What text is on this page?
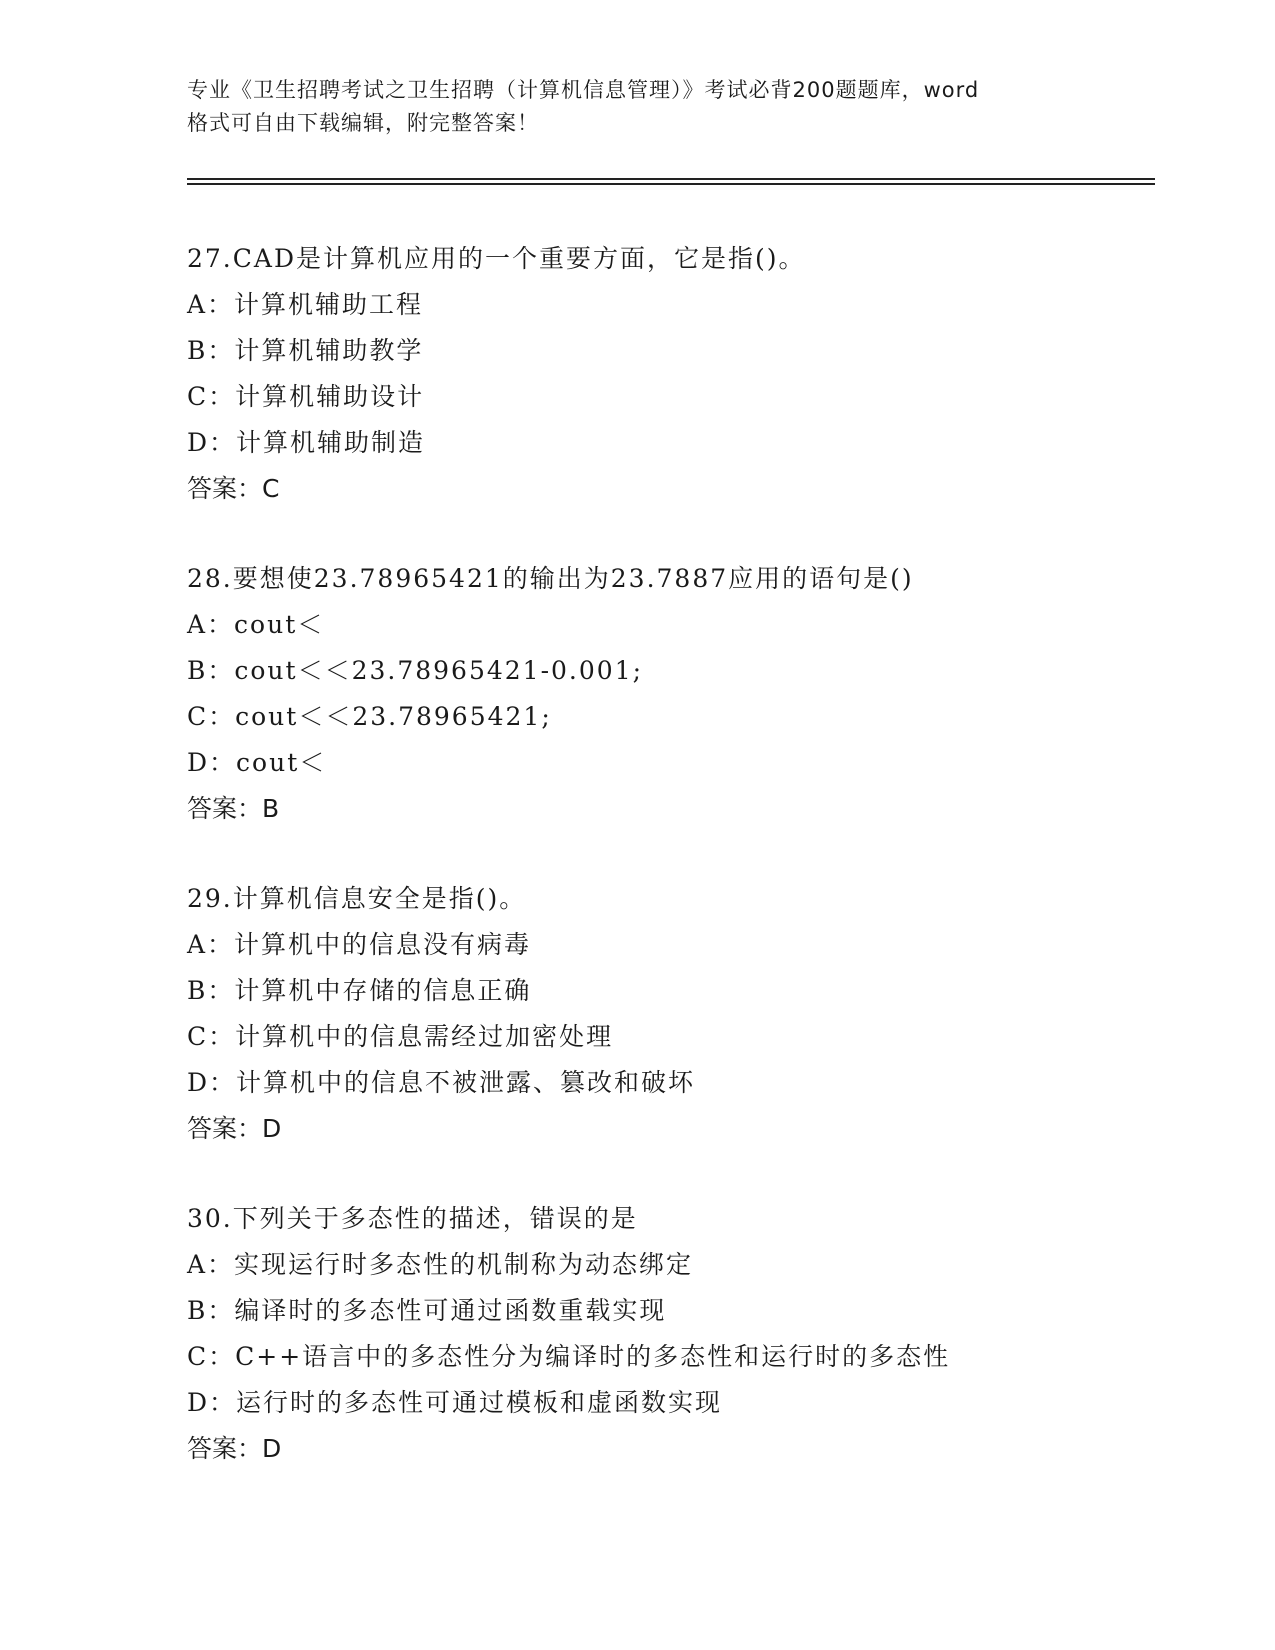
专业《卫生招聘考试之卫生招聘（计算机信息管理）》考试必背200题题库，word
格式可自由下载编辑，附完整答案！
27.CAD是计算机应用的一个重要方面，它是指()。
A：计算机辅助工程
B：计算机辅助教学
C：计算机辅助设计
D：计算机辅助制造
答案：C
28.要想使23.78965421的输出为23.7887应用的语句是()
A：cout＜
B：cout＜＜23.78965421-0.001;
C：cout＜＜23.78965421;
D：cout＜
答案：B
29.计算机信息安全是指()。
A：计算机中的信息没有病毒
B：计算机中存储的信息正确
C：计算机中的信息需经过加密处理
D：计算机中的信息不被泄露、篡改和破坏
答案：D
30.下列关于多态性的描述，错误的是
A：实现运行时多态性的机制称为动态绑定
B：编译时的多态性可通过函数重载实现
C：C++语言中的多态性分为编译时的多态性和运行时的多态性
D：运行时的多态性可通过模板和虚函数实现
答案：D
